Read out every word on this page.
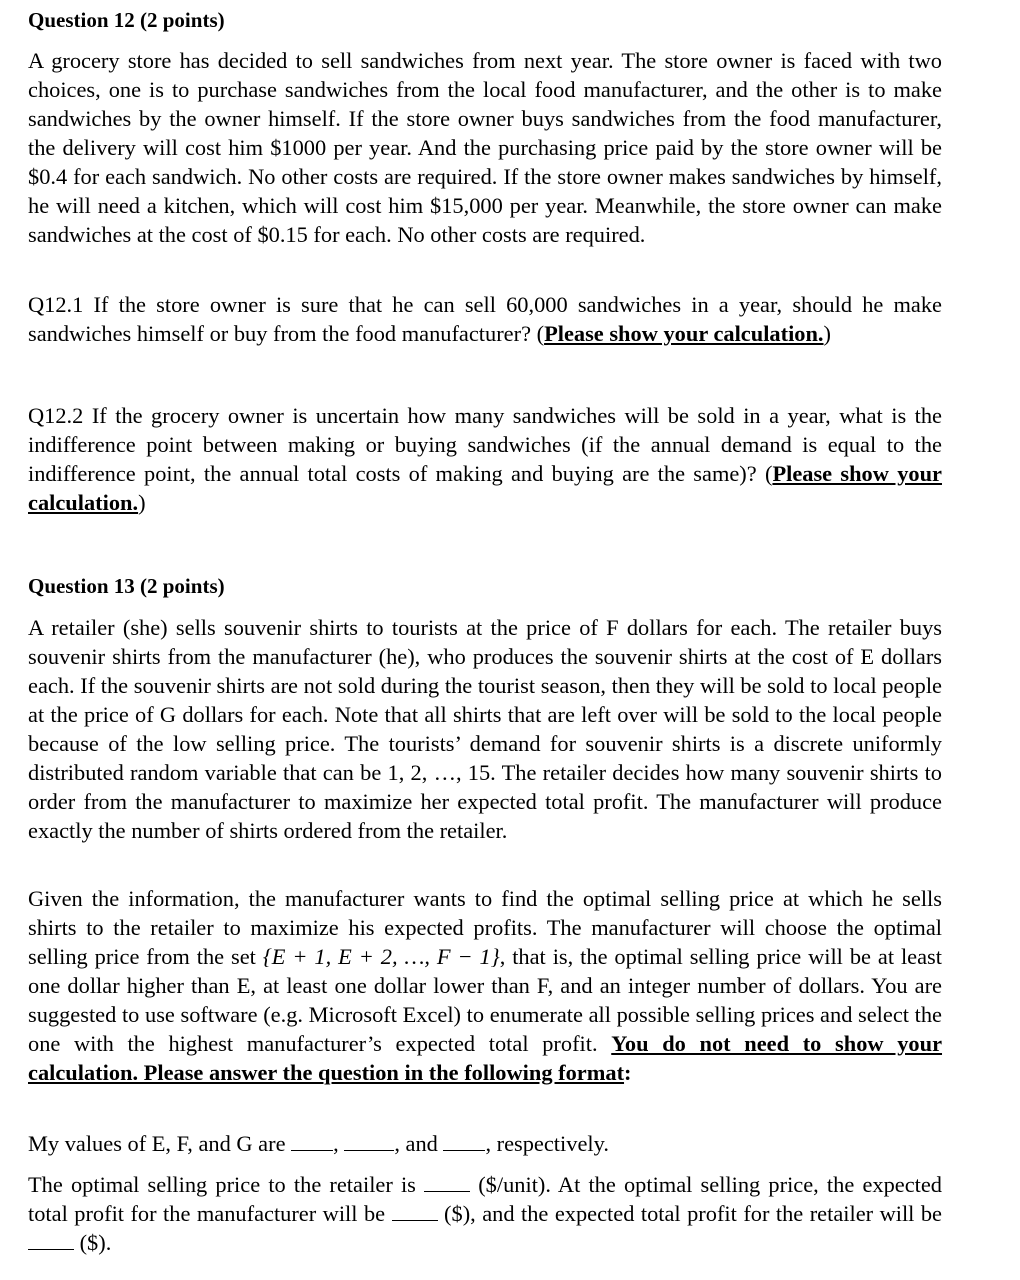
Question 12 (2 points)

A grocery store has decided to sell sandwiches from next year. The store owner is faced with two choices, one is to purchase sandwiches from the local food manufacturer, and the other is to make sandwiches by the owner himself. If the store owner buys sandwiches from the food manufacturer, the delivery will cost him $1000 per year. And the purchasing price paid by the store owner will be $0.4 for each sandwich. No other costs are required. If the store owner makes sandwiches by himself, he will need a kitchen, which will cost him $15,000 per year. Meanwhile, the store owner can make sandwiches at the cost of $0.15 for each. No other costs are required.

Q12.1 If the store owner is sure that he can sell 60,000 sandwiches in a year, should he make sandwiches himself or buy from the food manufacturer? (Please show your calculation.)

Q12.2 If the grocery owner is uncertain how many sandwiches will be sold in a year, what is the indifference point between making or buying sandwiches (if the annual demand is equal to the indifference point, the annual total costs of making and buying are the same)? (Please show your calculation.)

Question 13 (2 points)

A retailer (she) sells souvenir shirts to tourists at the price of F dollars for each. The retailer buys souvenir shirts from the manufacturer (he), who produces the souvenir shirts at the cost of E dollars each. If the souvenir shirts are not sold during the tourist season, then they will be sold to local people at the price of G dollars for each. Note that all shirts that are left over will be sold to the local people because of the low selling price. The tourists’ demand for souvenir shirts is a discrete uniformly distributed random variable that can be 1, 2, …, 15. The retailer decides how many souvenir shirts to order from the manufacturer to maximize her expected total profit. The manufacturer will produce exactly the number of shirts ordered from the retailer.

Given the information, the manufacturer wants to find the optimal selling price at which he sells shirts to the retailer to maximize his expected profits. The manufacturer will choose the optimal selling price from the set {E + 1, E + 2, …, F − 1}, that is, the optimal selling price will be at least one dollar higher than E, at least one dollar lower than F, and an integer number of dollars. You are suggested to use software (e.g. Microsoft Excel) to enumerate all possible selling prices and select the one with the highest manufacturer’s expected total profit. You do not need to show your calculation. Please answer the question in the following format:

My values of E, F, and G are , , and , respectively.

The optimal selling price to the retailer is  ($/unit). At the optimal selling price, the expected total profit for the manufacturer will be  ($), and the expected total profit for the retailer will be  ($).
